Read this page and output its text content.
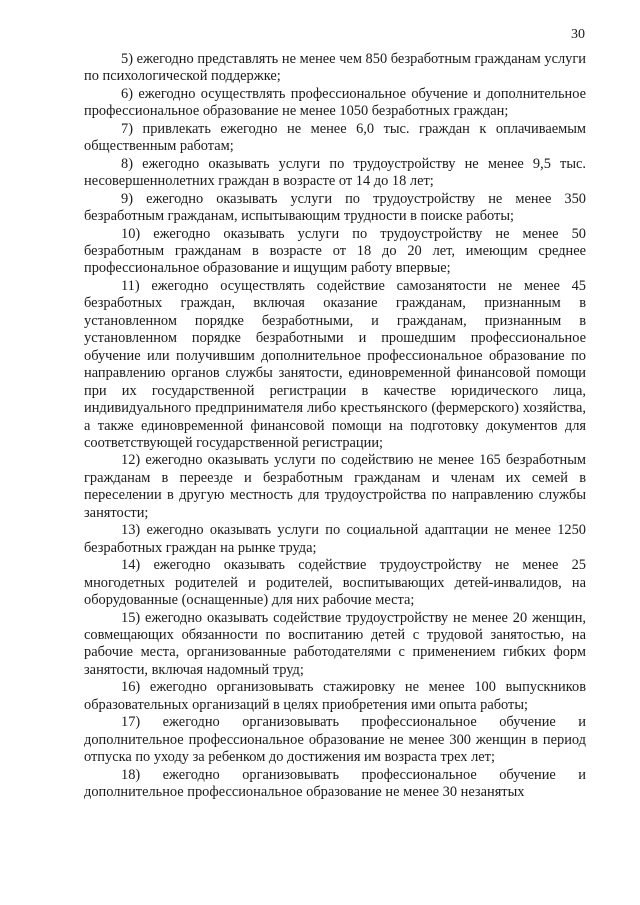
30

5) ежегодно представлять не менее чем 850 безработным гражданам услуги по психологической поддержке;

6) ежегодно осуществлять профессиональное обучение и дополнительное профессиональное образование не менее 1050 безработных граждан;

7) привлекать ежегодно не менее 6,0 тыс. граждан к оплачиваемым общественным работам;

8) ежегодно оказывать услуги по трудоустройству не менее 9,5 тыс. несовершеннолетних граждан в возрасте от 14 до 18 лет;

9) ежегодно оказывать услуги по трудоустройству не менее 350 безработным гражданам, испытывающим трудности в поиске работы;

10) ежегодно оказывать услуги по трудоустройству не менее 50 безработным гражданам в возрасте от 18 до 20 лет, имеющим среднее профессиональное образование и ищущим работу впервые;

11) ежегодно осуществлять содействие самозанятости не менее 45 безработных граждан, включая оказание гражданам, признанным в установленном порядке безработными, и гражданам, признанным в установленном порядке безработными и прошедшим профессиональное обучение или получившим дополнительное профессиональное образование по направлению органов службы занятости, единовременной финансовой помощи при их государственной регистрации в качестве юридического лица, индивидуального предпринимателя либо крестьянского (фермерского) хозяйства, а также единовременной финансовой помощи на подготовку документов для соответствующей государственной регистрации;

12) ежегодно оказывать услуги по содействию не менее 165 безработным гражданам в переезде и безработным гражданам и членам их семей в переселении в другую местность для трудоустройства по направлению службы занятости;

13) ежегодно оказывать услуги по социальной адаптации не менее 1250 безработных граждан на рынке труда;

14) ежегодно оказывать содействие трудоустройству не менее 25 многодетных родителей и родителей, воспитывающих детей-инвалидов, на оборудованные (оснащенные) для них рабочие места;

15) ежегодно оказывать содействие трудоустройству не менее 20 женщин, совмещающих обязанности по воспитанию детей с трудовой занятостью, на рабочие места, организованные работодателями с применением гибких форм занятости, включая надомный труд;

16) ежегодно организовывать стажировку не менее 100 выпускников образовательных организаций в целях приобретения ими опыта работы;

17) ежегодно организовывать профессиональное обучение и дополнительное профессиональное образование не менее 300 женщин в период отпуска по уходу за ребенком до достижения им возраста трех лет;

18) ежегодно организовывать профессиональное обучение и дополнительное профессиональное образование не менее 30 незанятых
